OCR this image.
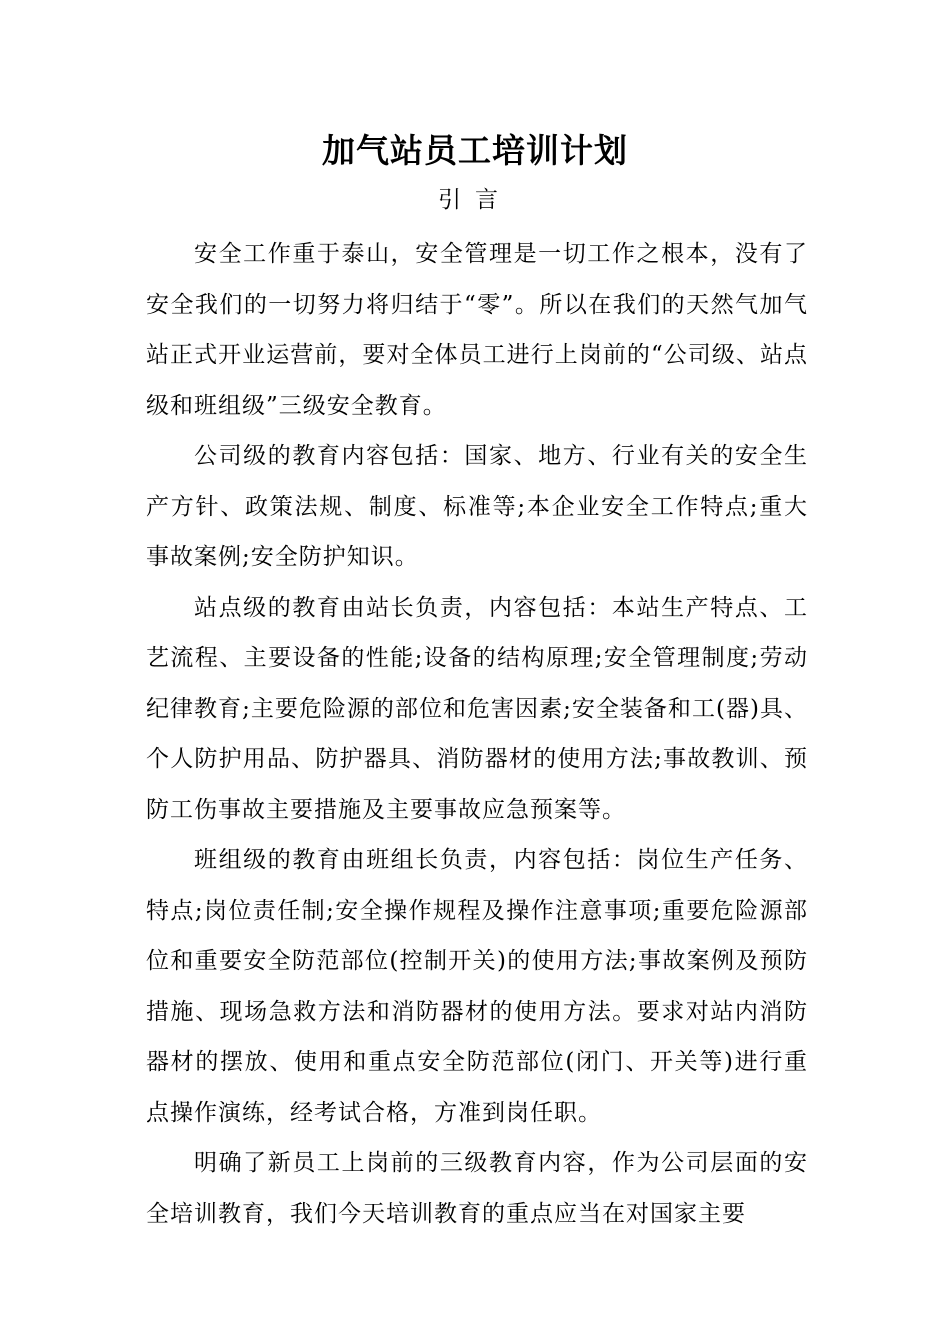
加气站员工培训计划
引言

安全工作重于泰山，安全管理是一切工作之根本，没有了安全我们的一切努力将归结于“零”。所以在我们的天然气加气站正式开业运营前，要对全体员工进行上岗前的“公司级、站点级和班组级”三级安全教育。

公司级的教育内容包括：国家、地方、行业有关的安全生产方针、政策法规、制度、标准等;本企业安全工作特点;重大事故案例;安全防护知识。

站点级的教育由站长负责，内容包括：本站生产特点、工艺流程、主要设备的性能;设备的结构原理;安全管理制度;劳动纪律教育;主要危险源的部位和危害因素;安全装备和工(器)具、个人防护用品、防护器具、消防器材的使用方法;事故教训、预防工伤事故主要措施及主要事故应急预案等。

班组级的教育由班组长负责，内容包括：岗位生产任务、特点;岗位责任制;安全操作规程及操作注意事项;重要危险源部位和重要安全防范部位(控制开关)的使用方法;事故案例及预防措施、现场急救方法和消防器材的使用方法。要求对站内消防器材的摆放、使用和重点安全防范部位(闭门、开关等)进行重点操作演练，经考试合格，方准到岗任职。

明确了新员工上岗前的三级教育内容，作为公司层面的安全培训教育，我们今天培训教育的重点应当在对国家主要
